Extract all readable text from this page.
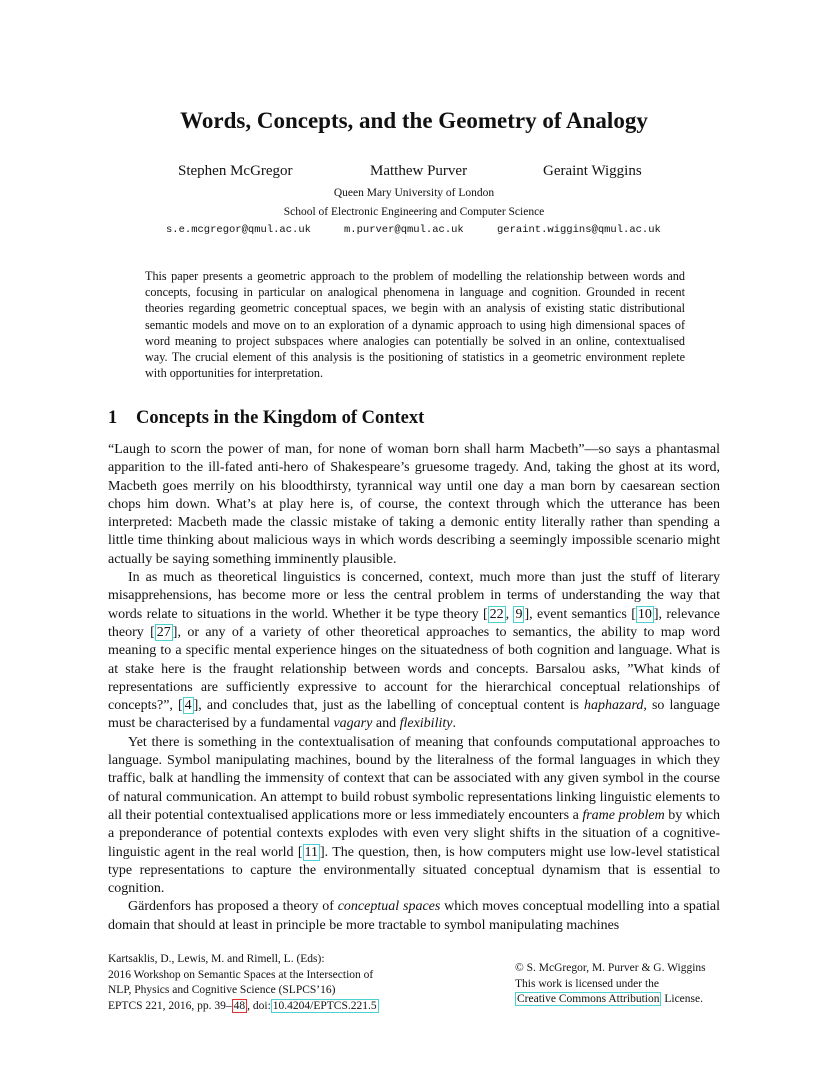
Words, Concepts, and the Geometry of Analogy
Stephen McGregor	Matthew Purver	Geraint Wiggins
Queen Mary University of London
School of Electronic Engineering and Computer Science
s.e.mcgregor@qmul.ac.uk	m.purver@qmul.ac.uk	geraint.wiggins@qmul.ac.uk
This paper presents a geometric approach to the problem of modelling the relationship between words and concepts, focusing in particular on analogical phenomena in language and cognition. Grounded in recent theories regarding geometric conceptual spaces, we begin with an analysis of existing static distributional semantic models and move on to an exploration of a dynamic approach to using high dimensional spaces of word meaning to project subspaces where analogies can potentially be solved in an online, contextualised way. The crucial element of this analysis is the positioning of statistics in a geometric environment replete with opportunities for interpretation.
1 Concepts in the Kingdom of Context

“Laugh to scorn the power of man, for none of woman born shall harm Macbeth”—so says a phantasmal apparition to the ill-fated anti-hero of Shakespeare’s gruesome tragedy. And, taking the ghost at its word, Macbeth goes merrily on his bloodthirsty, tyrannical way until one day a man born by caesarean section chops him down. What’s at play here is, of course, the context through which the utterance has been interpreted: Macbeth made the classic mistake of taking a demonic entity literally rather than spending a little time thinking about malicious ways in which words describing a seemingly impossible scenario might actually be saying something imminently plausible.

In as much as theoretical linguistics is concerned, context, much more than just the stuff of literary misapprehensions, has become more or less the central problem in terms of understanding the way that words relate to situations in the world. Whether it be type theory [ 22 , 9 ], event semantics [ 10 ], relevance theory [ 27 ], or any of a variety of other theoretical approaches to semantics, the ability to map word meaning to a specific mental experience hinges on the situatedness of both cognition and language. What is at stake here is the fraught relationship between words and concepts. Barsalou asks, ”What kinds of representations are sufficiently expressive to account for the hierarchical conceptual relationships of concepts?”, [ 4 ], and concludes that, just as the labelling of conceptual content is haphazard, so language must be characterised by a fundamental vagary and flexibility.

Yet there is something in the contextualisation of meaning that confounds computational approaches to language. Symbol manipulating machines, bound by the literalness of the formal languages in which they traffic, balk at handling the immensity of context that can be associated with any given symbol in the course of natural communication. An attempt to build robust symbolic representations linking linguistic elements to all their potential contextualised applications more or less immediately encounters a frame problem by which a preponderance of potential contexts explodes with even very slight shifts in the situation of a cognitive-linguistic agent in the real world [ 11 ]. The question, then, is how computers might use low-level statistical type representations to capture the environmentally situated conceptual dynamism that is essential to cognition.

Gärdenfors has proposed a theory of conceptual spaces which moves conceptual modelling into a spatial domain that should at least in principle be more tractable to symbol manipulating machines

Kartsaklis, D., Lewis, M. and Rimell, L. (Eds):
2016 Workshop on Semantic Spaces at the Intersection of
NLP, Physics and Cognitive Science (SLPCS’16)
EPTCS 221, 2016, pp. 39– 48 , doi: 10.4204/EPTCS.221.5
© S. McGregor, M. Purver & G. Wiggins
This work is licensed under the
Creative Commons Attribution License.
